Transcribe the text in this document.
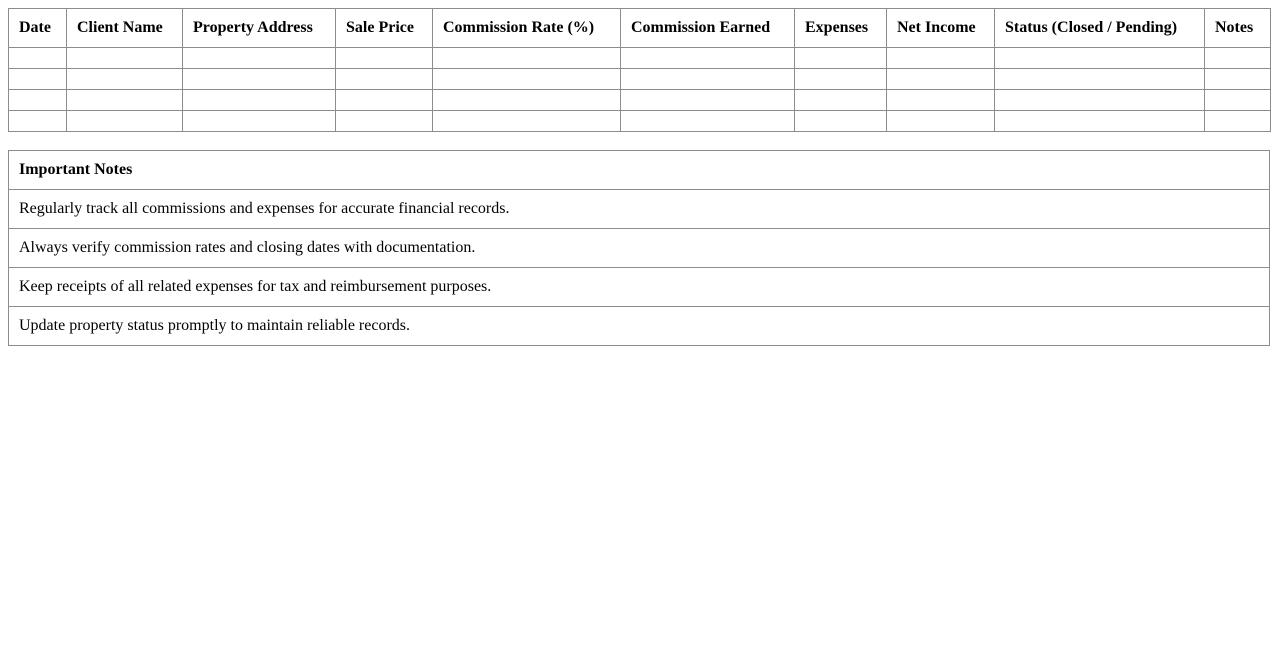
Date	Client Name	Property Address	Sale Price	Commission Rate (%)	Commission Earned	Expenses	Net Income	Status (Closed / Pending)	Notes

Important Notes
Regularly track all commissions and expenses for accurate financial records.
Always verify commission rates and closing dates with documentation.
Keep receipts of all related expenses for tax and reimbursement purposes.
Update property status promptly to maintain reliable records.
